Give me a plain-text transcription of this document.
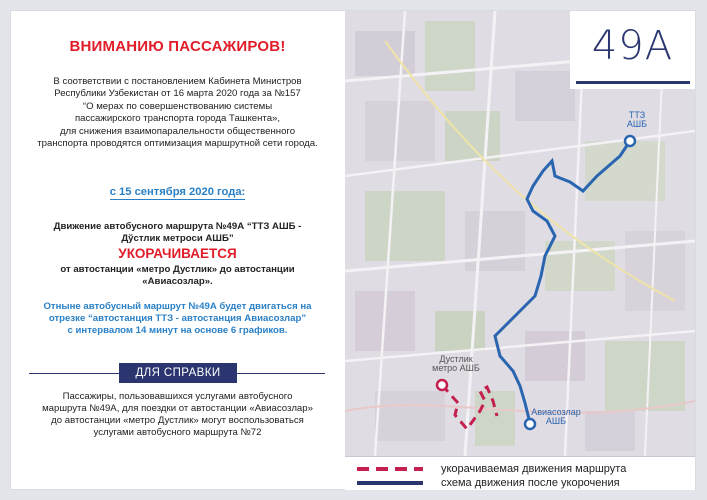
ВНИМАНИЮ ПАССАЖИРОВ!
В соответствии с постановлением Кабинета Министров
Республики Узбекистан от 16 марта 2020 года за №157
“О мерах по совершенствованию системы
пассажирского транспорта города Ташкента»,
для снижения взаимопаралельности общественного
транспорта проводятся оптимизация маршрутной сети города.
с 15 сентября 2020 года:
Движение автобусного маршрута №49А “ТТЗ АШБ -
Дўстлик метроси АШБ”
УКОРАЧИВАЕТСЯ
от автостанции «метро Дустлик» до автостанции
«Авиасозлар».
Отныне автобусный маршрут №49А будет двигаться на
отрезке “автостанция ТТЗ - автостанция Авиасозлар”
с интервалом 14 минут на основе 6 графиков.
ДЛЯ СПРАВКИ
Пассажиры, пользовавшихся услугами автобусного
маршрута №49А, для поездки от автостанции «Авиасозлар»
до автостанции «метро Дустлик» могут воспользоваться
услугами автобусного маршрута №72
ТТЗ
АШБ
Дустлик
метро АШБ
Авиасозлар
АШБ
укорачиваемая движения маршрута
схема движения после укорочения
49A
